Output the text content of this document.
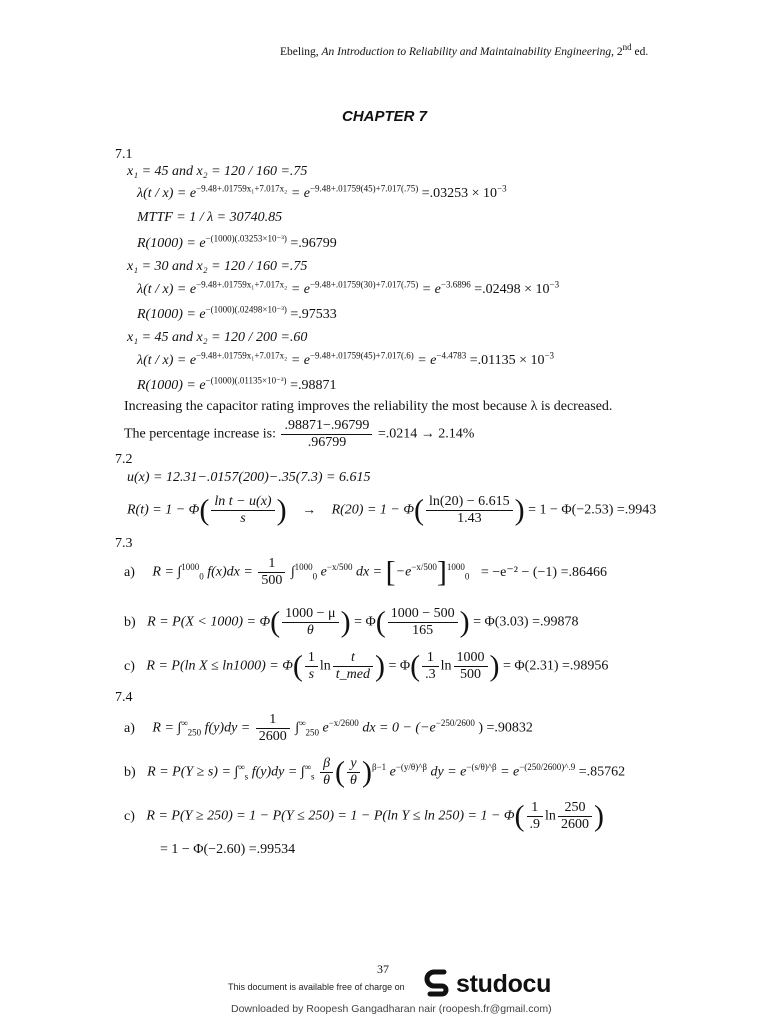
Ebeling, An Introduction to Reliability and Maintainability Engineering, 2nd ed.
CHAPTER 7
7.1
x₁ = 45 and x₂ = 120 / 160 =.75
$\lambda(t / x) = e^{-9.48+.01759x_1+7.017x_2} = e^{-9.48+.01759(45)+7.017(.75)} =.03253 \times 10^{-3}$
MTTF = 1 / λ = 30740.85
$R(1000) = e^{-(1000)(.03253\times 10^{-3})} =.96799$
x₁ = 30 and x₂ = 120 / 160 =.75
$\lambda(t / x) = e^{-9.48+.01759x_1+7.017x_2} = e^{-9.48+.01759(30)+7.017(.75)} = e^{-3.6896} =.02498 \times 10^{-3}$
$R(1000) = e^{-(1000)(.02498\times 10^{-3})} =.97533$
x₁ = 45 and x₂ = 120 / 200 =.60
$\lambda(t / x) = e^{-9.48+.01759x_1+7.017x_2} = e^{-9.48+.01759(45)+7.017(.6)} = e^{-4.4783} =.01135 \times 10^{-3}$
$R(1000) = e^{-(1000)(.01135\times 10^{-3})} =.98871$
Increasing the capacitor rating improves the reliability the most because λ is decreased.
The percentage increase is: $\frac{.98871-.96799}{.96799} =.0214 \to 2.14\%$
7.2
u(x) = 12.31−.0157(200)−.35(7.3) = 6.615
$R(t) = 1 - \Phi( \frac{\text{ln t − u(x)}}{s}$ ) → $R(20) = 1 - \Phi( \frac{\ln(20) - 6.615}{1.43}$ ) = 1 − Φ(−2.53) =.9943
7.3
a) R = ∫$^{1000}_0$ $f(x)dx = \frac{1}{500} \int^{1000}_0$ $e^{-x/500}$ dx = $[-e^{-x/500}]^{1000}_0 = -e^{-2} - (-1) =.86466$
b) $R = P(X < 1000) = \Phi( \frac{1000 - \mu}{\theta}$ ) = $\Phi( \frac{1000 - 500}{165}$ ) = Φ(3.03) =.99878
c) R = P(ln $X \le \ln 1000) = \Phi( \frac{1}{s}$ $\ln \frac{t}{\text{t\_med}}$ ) = $\Phi( \frac{1}{.3}$ $\ln \frac{1000}{500}$ ) = Φ(2.31) =.98956
7.4
a) $R = \int^\infty_{250}$ $f(y)dy = \frac{1}{2600} \int^\infty_{250}$ $e^{-x/2600}$ dx = $0 - (-e^{-250/2600}$ ) =.90832
b) $R = P(Y \ge s) = \int^\infty_s$ $f(y)dy = \int^\infty_s \frac{\beta}{\theta}$ ( $\frac{y}{\theta} )^{\beta-1}$ $e^{-(y/\theta)\^{}\beta}$ dy = $e^{-(s/\theta)\^{}\beta} = e^{-(250/2600)\^{}.9} =.85762$
c) R = P(Y ≥ 250) = 1 − P(Y ≤ 250) = 1 − P(ln $Y \le \ln 250) = 1 - \Phi( \frac{1}{.9}$ $\ln \frac{250}{2600}$ )
= 1 − Φ(−2.60) =.99534
37
This document is available free of charge on studocu
Downloaded by Roopesh Gangadharan nair (roopesh.fr@gmail.com)
